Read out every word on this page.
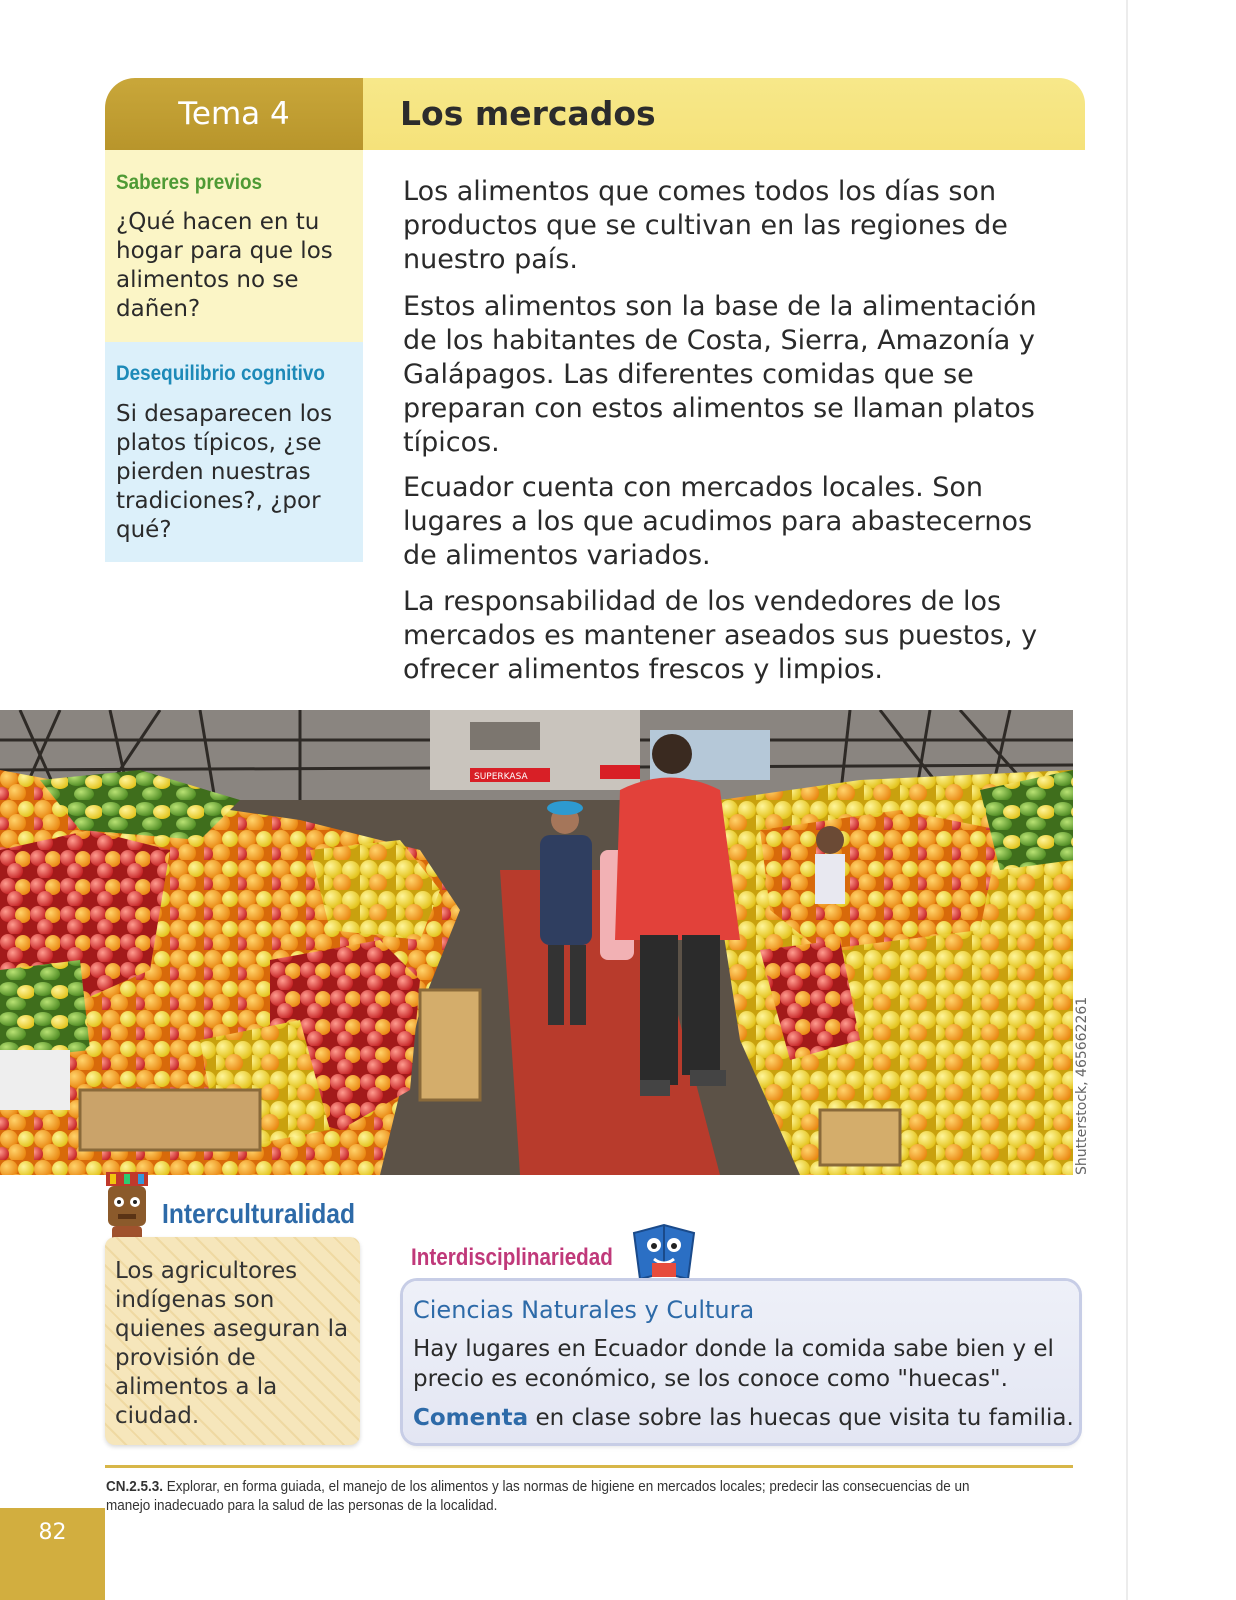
Tema 4	Los mercados
Saberes previos
¿Qué hacen en tu hogar para que los alimentos no se dañen?
Desequilibrio cognitivo
Si desaparecen los platos típicos, ¿se pierden nuestras tradiciones?, ¿por qué?
Los alimentos que comes todos los días son productos que se cultivan en las regiones de nuestro país.
Estos alimentos son la base de la alimentación de los habitantes de Costa, Sierra, Amazonía y Galápagos. Las diferentes comidas que se preparan con estos alimentos se llaman platos típicos.
Ecuador cuenta con mercados locales. Son lugares a los que acudimos para abastecernos de alimentos variados.
La responsabilidad de los vendedores de los mercados es mantener aseados sus puestos, y ofrecer alimentos frescos y limpios.
SUPERKASA
Shutterstock, 465662261
Interculturalidad
Los agricultores indígenas son quienes aseguran la provisión de alimentos a la ciudad.
Interdisciplinariedad
Ciencias Naturales y Cultura
Hay lugares en Ecuador donde la comida sabe bien y el precio es económico, se los conoce como "huecas".
Comenta en clase sobre las huecas que visita tu familia.
CN.2.5.3. Explorar, en forma guiada, el manejo de los alimentos y las normas de higiene en mercados locales; predecir las consecuencias de un manejo inadecuado para la salud de las personas de la localidad.
82
